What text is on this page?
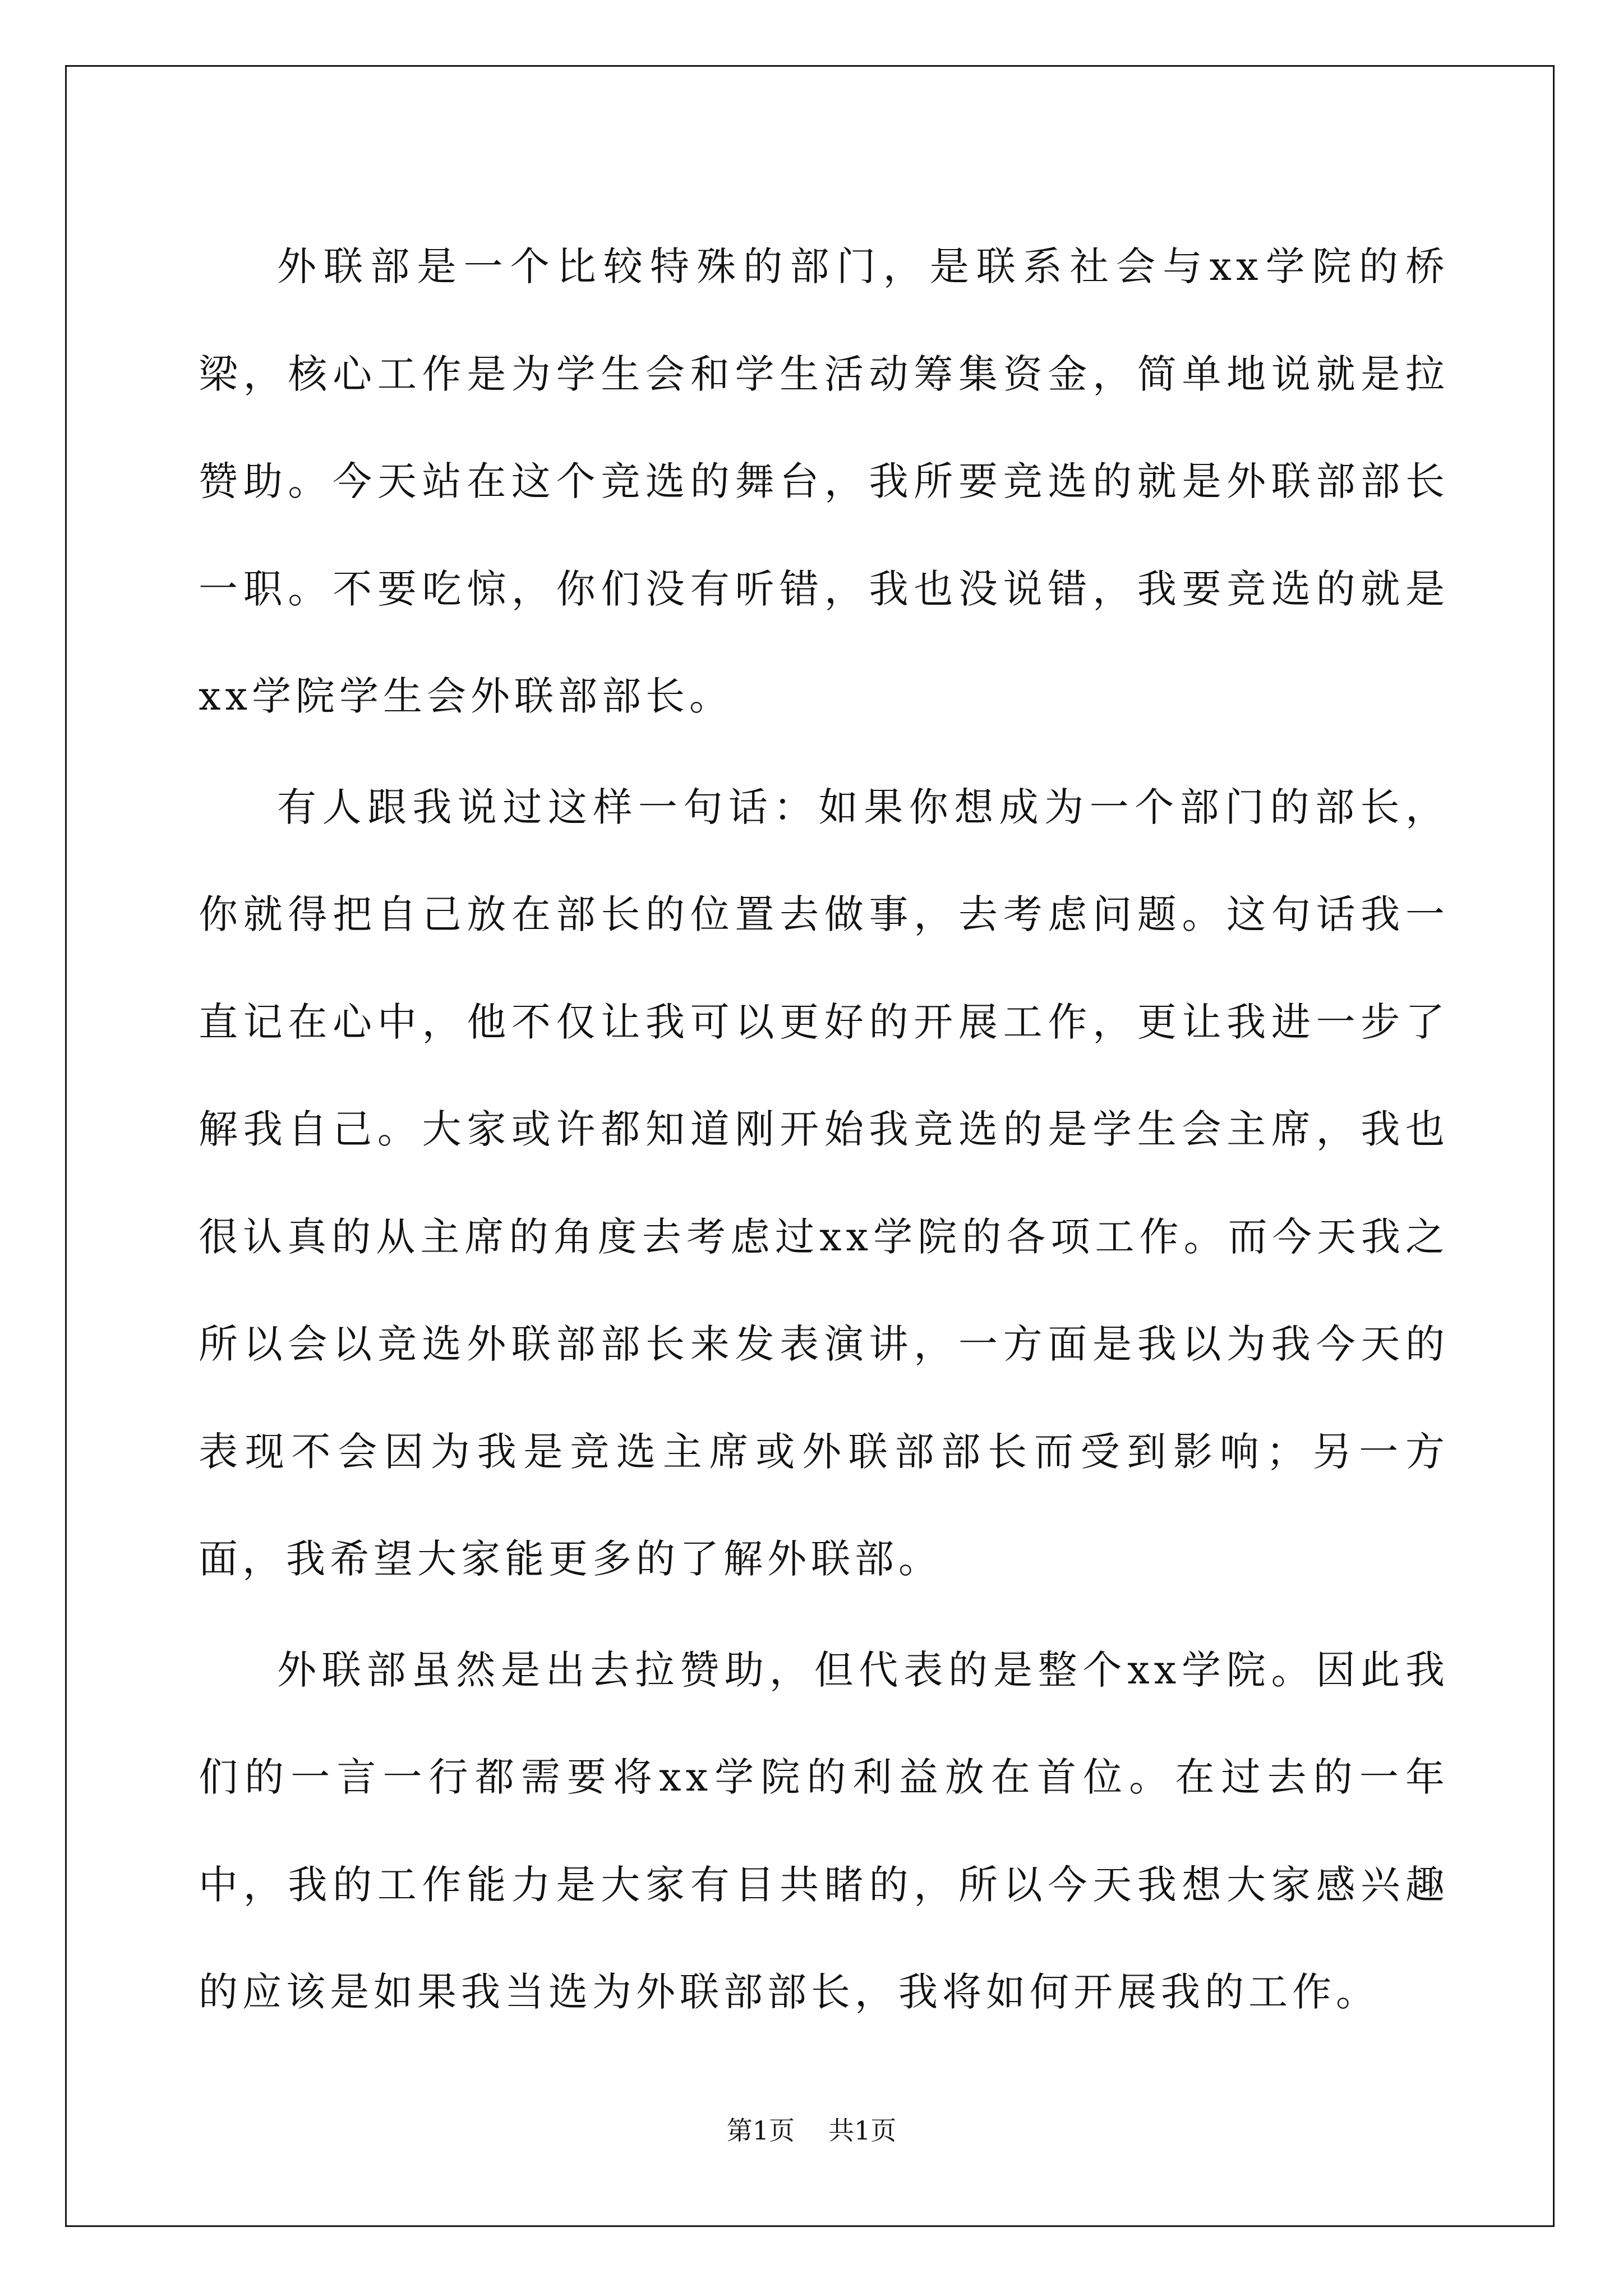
外联部是一个比较特殊的部门，是联系社会与xx学院的桥梁，核心工作是为学生会和学生活动筹集资金，简单地说就是拉赞助。今天站在这个竞选的舞台，我所要竞选的就是外联部部长一职。不要吃惊，你们没有听错，我也没说错，我要竞选的就是xx学院学生会外联部部长。

有人跟我说过这样一句话：如果你想成为一个部门的部长，你就得把自己放在部长的位置去做事，去考虑问题。这句话我一直记在心中，他不仅让我可以更好的开展工作，更让我进一步了解我自己。大家或许都知道刚开始我竞选的是学生会主席，我也很认真的从主席的角度去考虑过xx学院的各项工作。而今天我之所以会以竞选外联部部长来发表演讲，一方面是我以为我今天的表现不会因为我是竞选主席或外联部部长而受到影响；另一方面，我希望大家能更多的了解外联部。

外联部虽然是出去拉赞助，但代表的是整个xx学院。因此我们的一言一行都需要将xx学院的利益放在首位。在过去的一年中，我的工作能力是大家有目共睹的，所以今天我想大家感兴趣的应该是如果我当选为外联部部长，我将如何开展我的工作。

第1页 共1页
